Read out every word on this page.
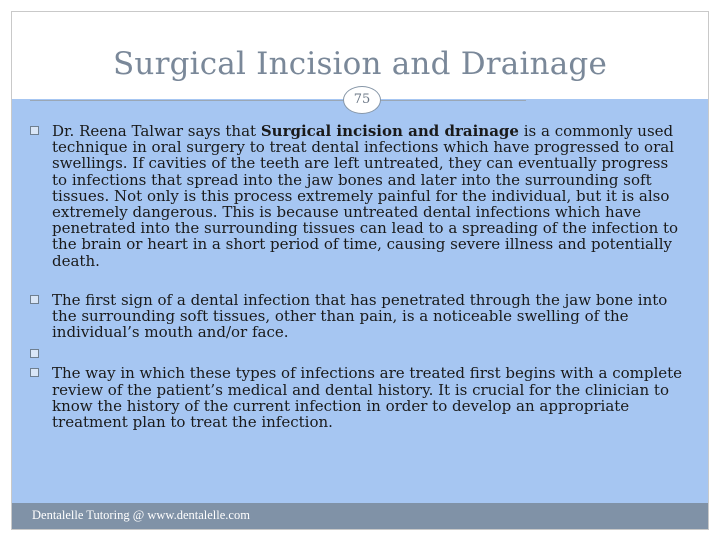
Surgical Incision and Drainage
75

Dr. Reena Talwar says that Surgical incision and drainage is a commonly used technique in oral surgery to treat dental infections which have progressed to oral swellings. If cavities of the teeth are left untreated, they can eventually progress to infections that spread into the jaw bones and later into the surrounding soft tissues. Not only is this process extremely painful for the individual, but it is also extremely dangerous. This is because untreated dental infections which have penetrated into the surrounding tissues can lead to a spreading of the infection to the brain or heart in a short period of time, causing severe illness and potentially death.

The first sign of a dental infection that has penetrated through the jaw bone into the surrounding soft tissues, other than pain, is a noticeable swelling of the individual’s mouth and/or face.

The way in which these types of infections are treated first begins with a complete review of the patient’s medical and dental history. It is crucial for the clinician to know the history of the current infection in order to develop an appropriate treatment plan to treat the infection.

Dentalelle Tutoring @ www.dentalelle.com
